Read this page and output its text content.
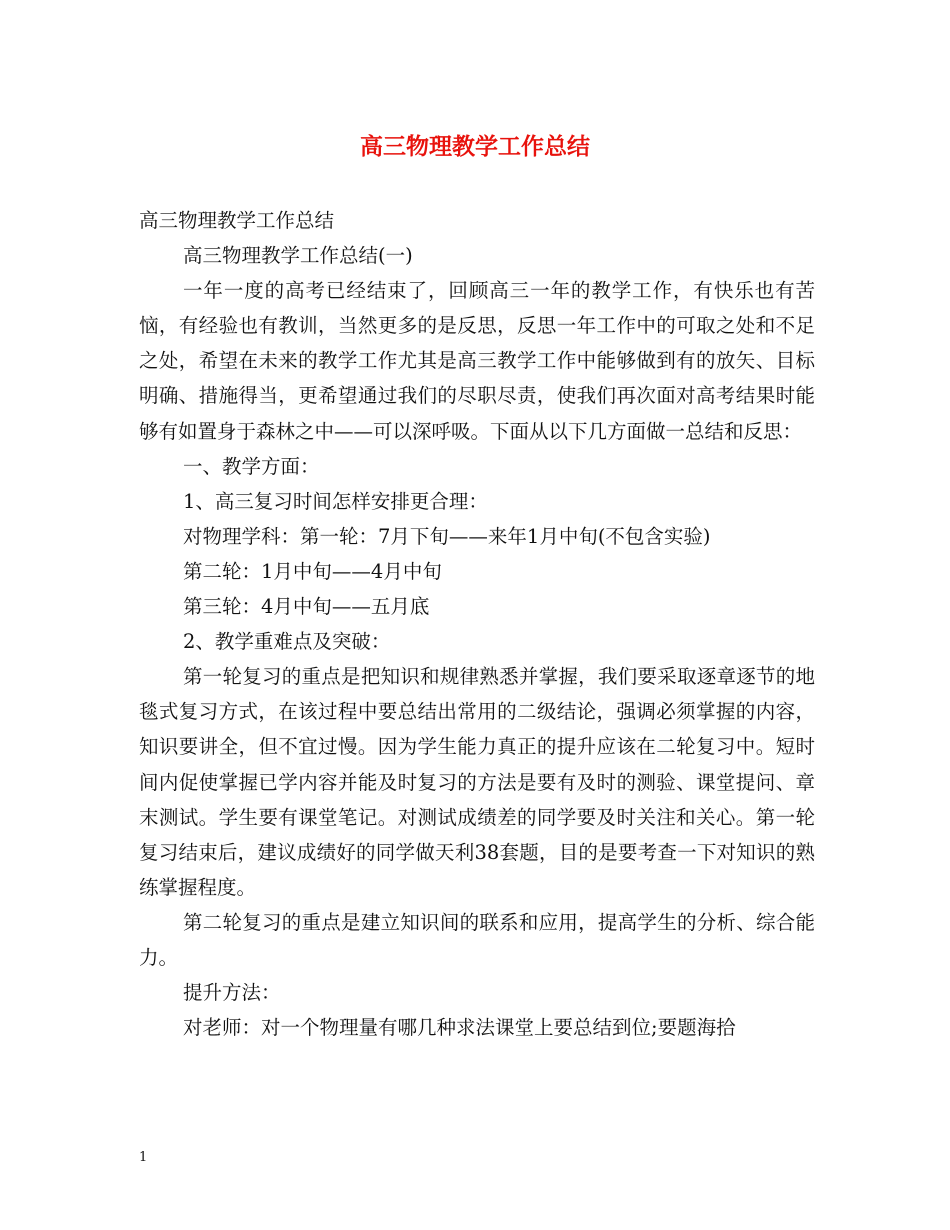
高三物理教学工作总结

高三物理教学工作总结

高三物理教学工作总结(一)

一年一度的高考已经结束了，回顾高三一年的教学工作，有快乐也有苦恼，有经验也有教训，当然更多的是反思，反思一年工作中的可取之处和不足之处，希望在未来的教学工作尤其是高三教学工作中能够做到有的放矢、目标明确、措施得当，更希望通过我们的尽职尽责，使我们再次面对高考结果时能够有如置身于森林之中——可以深呼吸。下面从以下几方面做一总结和反思：

一、教学方面：

1、高三复习时间怎样安排更合理：

对物理学科：第一轮：7月下旬——来年1月中旬(不包含实验)

第二轮：1月中旬——4月中旬

第三轮：4月中旬——五月底

2、教学重难点及突破：

第一轮复习的重点是把知识和规律熟悉并掌握，我们要采取逐章逐节的地毯式复习方式，在该过程中要总结出常用的二级结论，强调必须掌握的内容，知识要讲全，但不宜过慢。因为学生能力真正的提升应该在二轮复习中。短时间内促使掌握已学内容并能及时复习的方法是要有及时的测验、课堂提问、章末测试。学生要有课堂笔记。对测试成绩差的同学要及时关注和关心。第一轮复习结束后，建议成绩好的同学做天利38套题，目的是要考查一下对知识的熟练掌握程度。

第二轮复习的重点是建立知识间的联系和应用，提高学生的分析、综合能力。

提升方法：

对老师：对一个物理量有哪几种求法课堂上要总结到位;要题海拾

1
